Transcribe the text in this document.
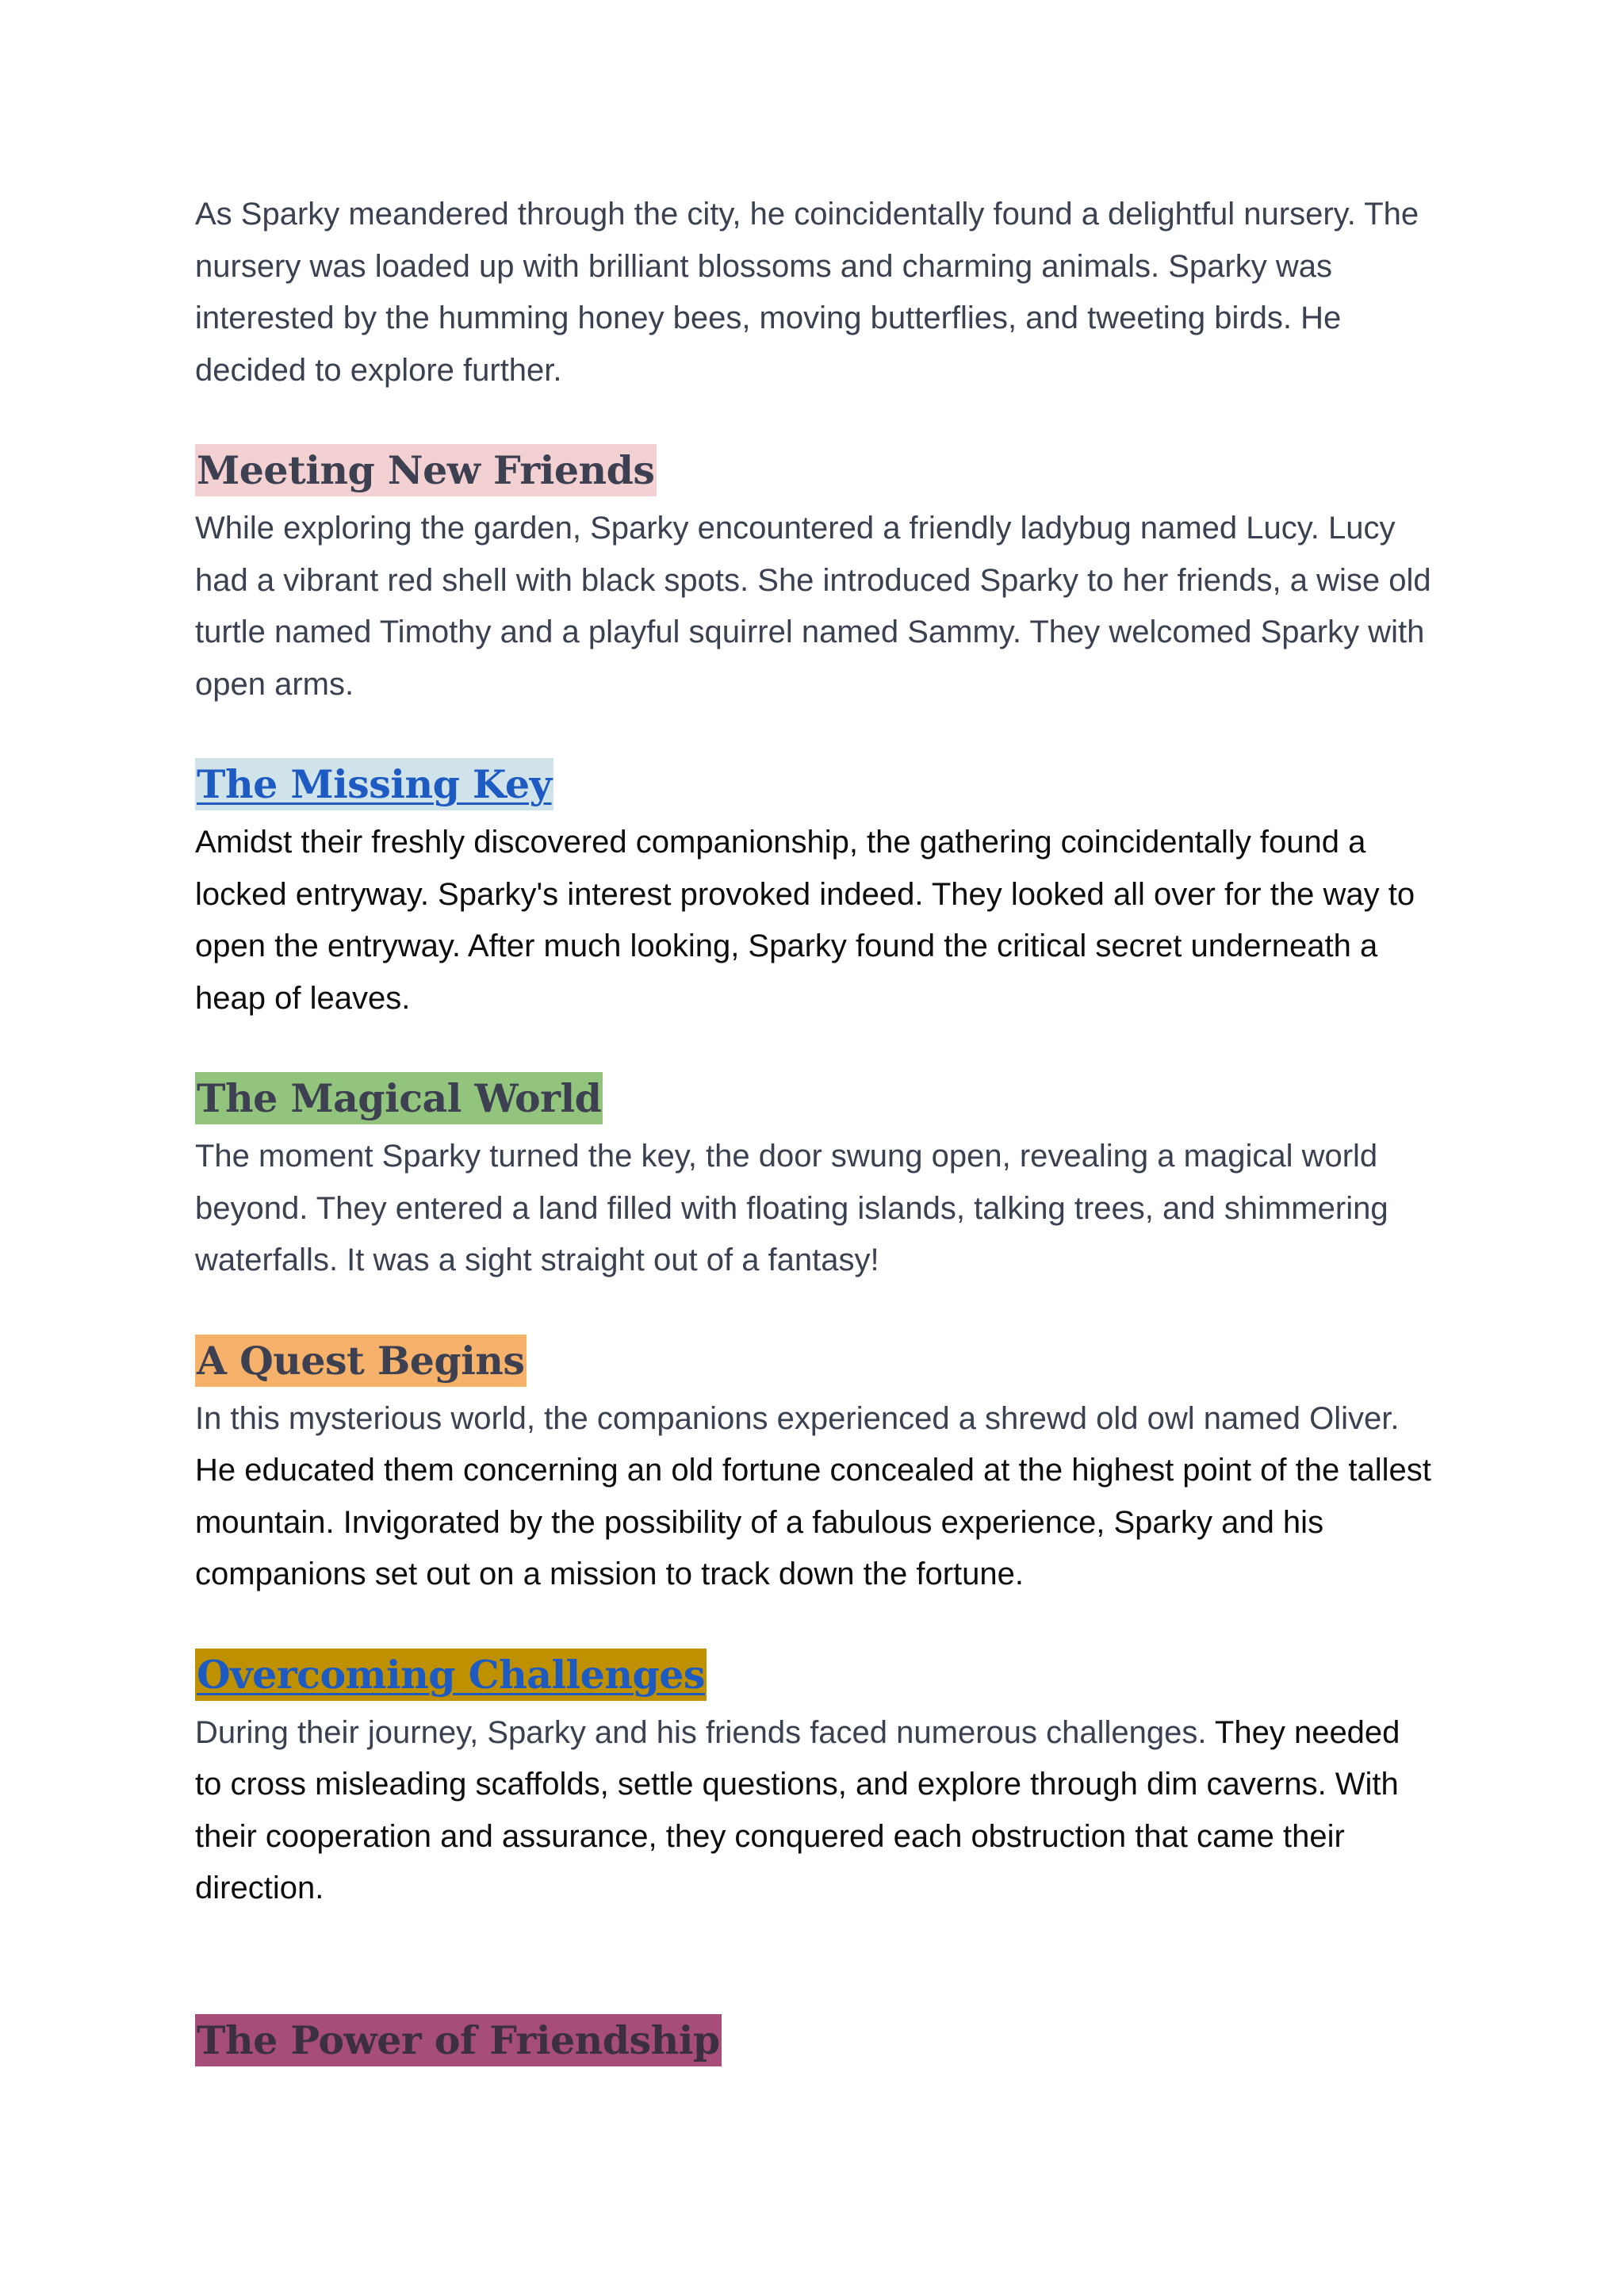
As Sparky meandered through the city, he coincidentally found a delightful nursery. The nursery was loaded up with brilliant blossoms and charming animals. Sparky was interested by the humming honey bees, moving butterflies, and tweeting birds. He decided to explore further.

Meeting New Friends

While exploring the garden, Sparky encountered a friendly ladybug named Lucy. Lucy had a vibrant red shell with black spots. She introduced Sparky to her friends, a wise old turtle named Timothy and a playful squirrel named Sammy. They welcomed Sparky with open arms.

The Missing Key

Amidst their freshly discovered companionship, the gathering coincidentally found a locked entryway. Sparky's interest provoked indeed. They looked all over for the way to open the entryway. After much looking, Sparky found the critical secret underneath a heap of leaves.

The Magical World

The moment Sparky turned the key, the door swung open, revealing a magical world beyond. They entered a land filled with floating islands, talking trees, and shimmering waterfalls. It was a sight straight out of a fantasy!

A Quest Begins

In this mysterious world, the companions experienced a shrewd old owl named Oliver. He educated them concerning an old fortune concealed at the highest point of the tallest mountain. Invigorated by the possibility of a fabulous experience, Sparky and his companions set out on a mission to track down the fortune.

Overcoming Challenges

During their journey, Sparky and his friends faced numerous challenges. They needed to cross misleading scaffolds, settle questions, and explore through dim caverns. With their cooperation and assurance, they conquered each obstruction that came their direction.

The Power of Friendship
